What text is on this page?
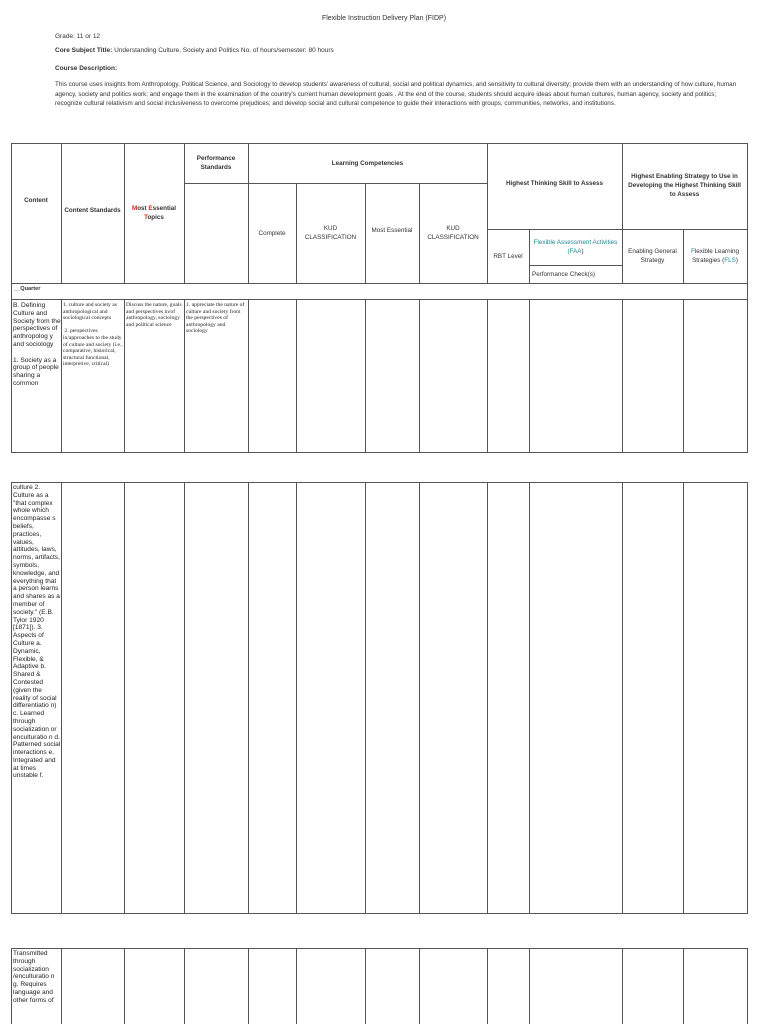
Flexible Instruction Delivery Plan (FIDP)
Grade: 11 or 12
Core Subject Title: Understanding Culture, Society and Politics No. of hours/semester: 80 hours
Course Description:
This course uses insights from Anthropology, Political Science, and Sociology to develop students' awareness of cultural, social and political dynamics, and sensitivity to cultural diversity; provide them with an understanding of how culture, human agency, society and politics work; and engage them in the examination of the country's current human development goals . At the end of the course, students should acquire ideas about human cultures, human agency, society and politics; recognize cultural relativism and social inclusiveness to overcome prejudices; and develop social and cultural competence to guide their interactions with groups, communities, networks, and institutions.
Content
Content Standards	Most Essential
Topics
Performance Standards
Learning Competencies
Complete
KUD CLASSIFICATION
Most Essential	KUD CLASSIFICATION
Highest Thinking Skill to Assess
Highest Enabling Strategy to Use in Developing the Highest Thinking Skill to Assess
RBT Level
Flexible Assessment Activities (FAA)
Performance Check(s)
Enabling General Strategy
Flexible Learning Strategies (FLS)
__Quarter
B. Defining Culture and Society from the perspectives of anthropolog y and sociology

1. Society as a group of people sharing a common
1. culture and society as anthropological and sociological concepts

2. perspectives in/approaches to the study of culture and society (i.e., comparative, historical, structural functional, interpretive, critical)
Discuss the nature, goals and perspectives in/of anthropology, sociology and political science
1. appreciate the nature of culture and society from the perspectives of anthropology and sociology
culture 2. Culture as a "that complex whole which encompasse s beliefs, practices, values, attitudes, laws, norms, artifacts, symbols, knowledge, and everything that a person learns and shares as a member of society." (E.B. Tylor 1920 [1871]). 3. Aspects of Culture a. Dynamic, Flexible, & Adaptive b. Shared & Contested (given the reality of social differentiatio n) c. Learned through socialization or enculturatio n d. Patterned social interactions e. Integrated and at times unstable f.
Transmitted through socialization /enculturatio n g. Requires language and other forms of
